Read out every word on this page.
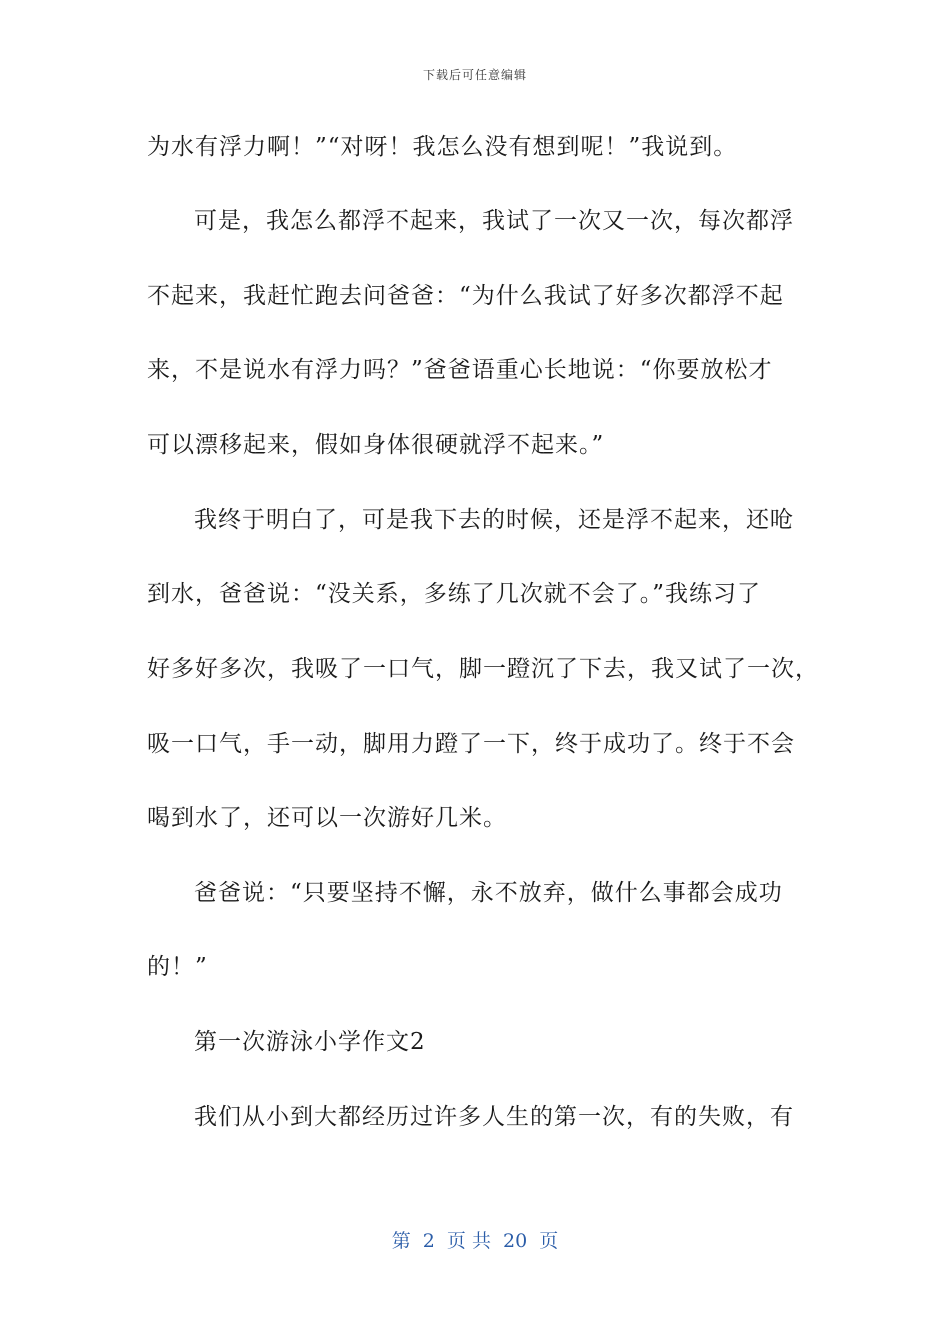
下载后可任意编辑
为水有浮力啊！”“对呀！我怎么没有想到呢！”我说到。
可是，我怎么都浮不起来，我试了一次又一次，每次都浮
不起来，我赶忙跑去问爸爸：“为什么我试了好多次都浮不起
来，不是说水有浮力吗？”爸爸语重心长地说：“你要放松才
可以漂移起来，假如身体很硬就浮不起来。”
我终于明白了，可是我下去的时候，还是浮不起来，还呛
到水，爸爸说：“没关系，多练了几次就不会了。”我练习了
好多好多次，我吸了一口气，脚一蹬沉了下去，我又试了一次，
吸一口气，手一动，脚用力蹬了一下，终于成功了。终于不会
喝到水了，还可以一次游好几米。
爸爸说：“只要坚持不懈，永不放弃，做什么事都会成功
的！”
第一次游泳小学作文2
我们从小到大都经历过许多人生的第一次，有的失败，有
第 2 页 共 20 页
